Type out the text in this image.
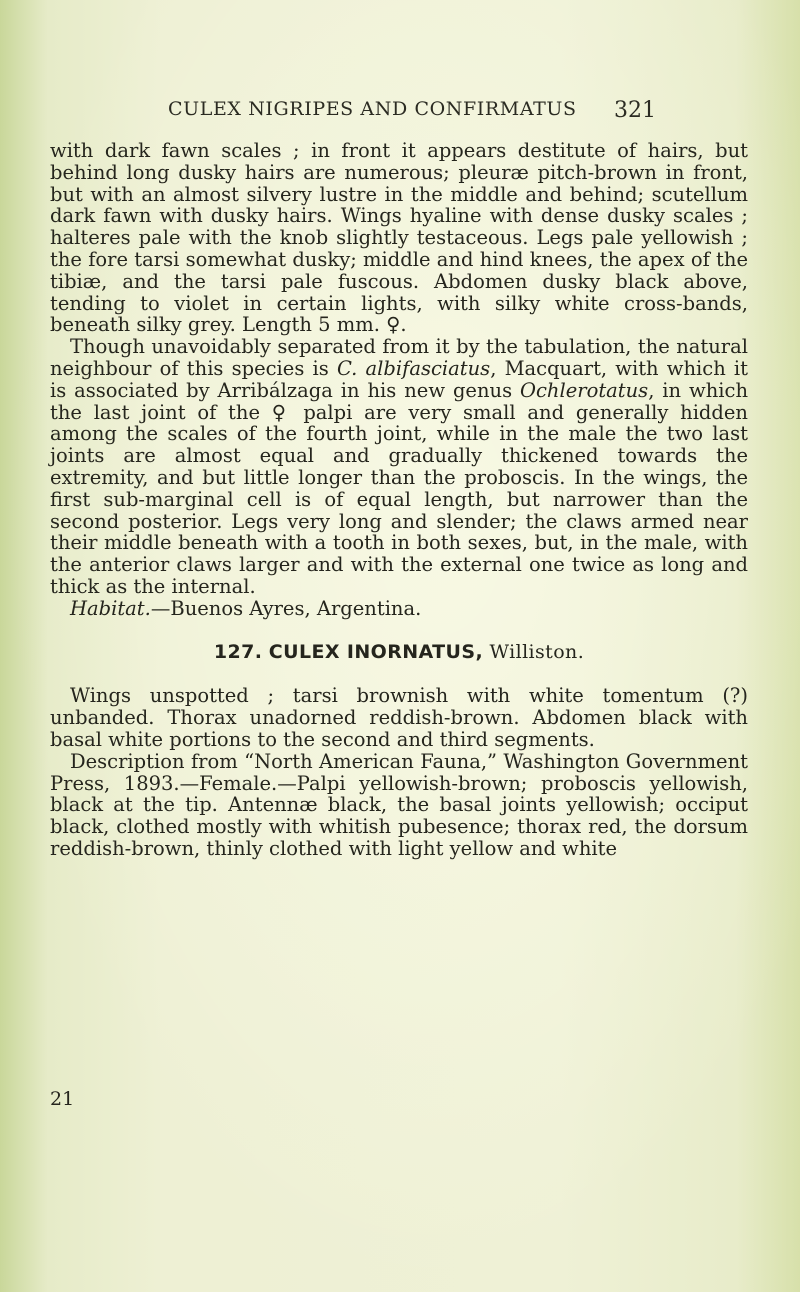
CULEX NIGRIPES AND CONFIRMATUS 321

with dark fawn scales ; in front it appears destitute of hairs, but behind long dusky hairs are numerous; pleuræ pitch-brown in front, but with an almost silvery lustre in the middle and behind; scutellum dark fawn with dusky hairs. Wings hyaline with dense dusky scales ; halteres pale with the knob slightly testaceous. Legs pale yellowish ; the fore tarsi somewhat dusky; middle and hind knees, the apex of the tibiæ, and the tarsi pale fuscous. Abdomen dusky black above, tending to violet in certain lights, with silky white cross-bands, beneath silky grey. Length 5 mm. ♀.

Though unavoidably separated from it by the tabulation, the natural neighbour of this species is C. albifasciatus, Macquart, with which it is associated by Arribálzaga in his new genus Ochlerotatus, in which the last joint of the ♀ palpi are very small and generally hidden among the scales of the fourth joint, while in the male the two last joints are almost equal and gradually thickened towards the extremity, and but little longer than the proboscis. In the wings, the first sub-marginal cell is of equal length, but narrower than the second posterior. Legs very long and slender; the claws armed near their middle beneath with a tooth in both sexes, but, in the male, with the anterior claws larger and with the external one twice as long and thick as the internal.

Habitat.—Buenos Ayres, Argentina.

127. CULEX INORNATUS, Williston.

Wings unspotted ; tarsi brownish with white tomentum (?) unbanded. Thorax unadorned reddish-brown. Abdomen black with basal white portions to the second and third segments.

Description from “North American Fauna,” Washington Government Press, 1893.—Female.—Palpi yellowish-brown; proboscis yellowish, black at the tip. Antennæ black, the basal joints yellowish; occiput black, clothed mostly with whitish pubesence; thorax red, the dorsum reddish-brown, thinly clothed with light yellow and white

21
